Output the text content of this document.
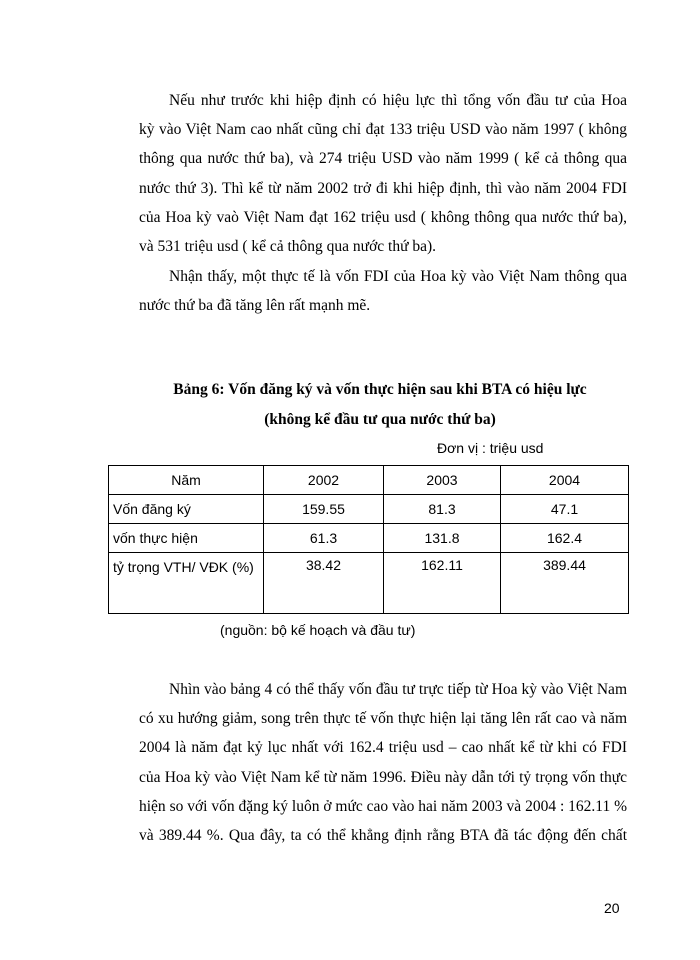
Nếu như trước khi hiệp định có hiệu lực thì tổng vốn đầu tư của Hoa
kỳ vào Việt Nam cao nhất cũng chỉ đạt 133 triệu USD vào năm 1997 ( không
thông qua nước thứ ba), và 274 triệu USD vào năm 1999 ( kể cả thông qua
nước thứ 3). Thì kể từ năm 2002 trở đi khi hiệp định, thì vào năm 2004 FDI
của Hoa kỳ vaò Việt Nam đạt 162 triệu usd ( không thông qua nước thứ ba),
và 531 triệu usd ( kể cả thông qua nước thứ ba).
Nhận thấy, một thực tế là vốn FDI của Hoa kỳ vào Việt Nam thông qua
nước thứ ba đã tăng lên rất mạnh mẽ.

Bảng 6: Vốn đăng ký và vốn thực hiện sau khi BTA có hiệu lực

(không kể đầu tư qua nước thứ ba)

Đơn vị : triệu usd

Năm	2002	2003	2004
Vốn đăng ký	159.55	81.3	47.1
vốn thực hiện	61.3	131.8	162.4
tỷ trọng VTH/ VĐK (%)	38.42	162.11	389.44

(nguồn: bộ kế hoạch và đầu tư)

Nhìn vào bảng 4 có thể thấy vốn đầu tư trực tiếp từ Hoa kỳ vào Việt Nam
có xu hướng giảm, song trên thực tế vốn thực hiện lại tăng lên rất cao và năm
2004 là năm đạt kỷ lục nhất với 162.4 triệu usd – cao nhất kể từ khi có FDI
của Hoa kỳ vào Việt Nam kể từ năm 1996. Điều này dẫn tới tỷ trọng vốn thực
hiện so với vốn đặng ký luôn ở mức cao vào hai năm 2003 và 2004 : 162.11 %
và 389.44 %. Qua đây, ta có thể khẳng định rằng BTA đã tác động đến chất

20
